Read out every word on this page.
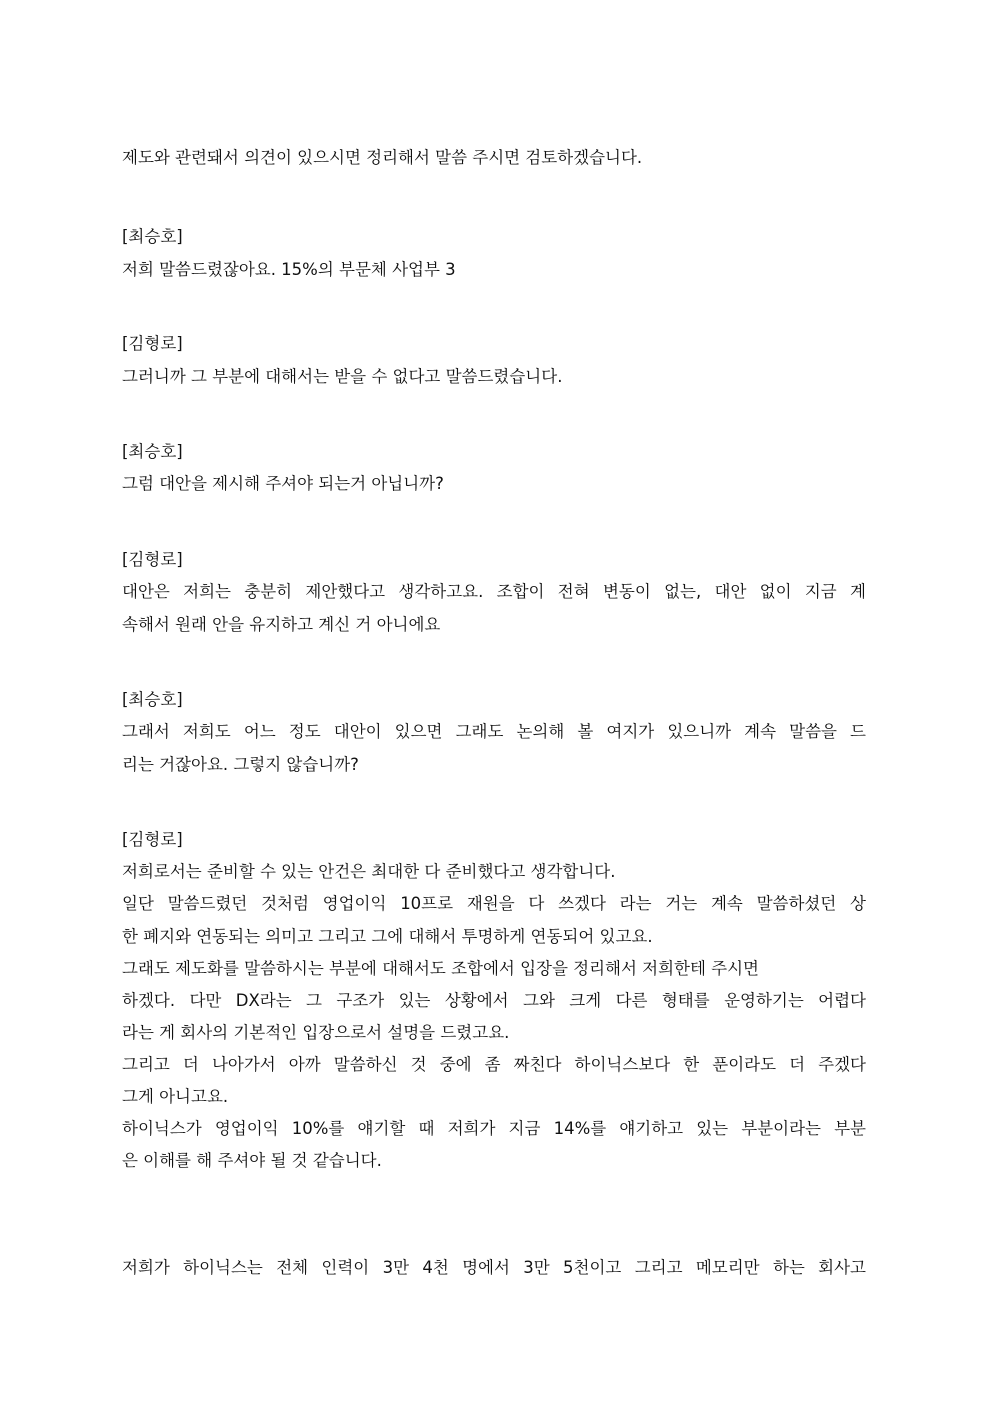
제도와 관련돼서 의견이 있으시면 정리해서 말씀 주시면 검토하겠습니다.
[최승호]
저희 말씀드렸잖아요. 15%의 부문체 사업부 3
[김형로]
그러니까 그 부분에 대해서는 받을 수 없다고 말씀드렸습니다.
[최승호]
그럼 대안을 제시해 주셔야 되는거 아닙니까?
[김형로]
대안은 저희는 충분히 제안했다고 생각하고요. 조합이 전혀 변동이 없는, 대안 없이 지금 계
속해서 원래 안을 유지하고 계신 거 아니에요
[최승호]
그래서 저희도 어느 정도 대안이 있으면 그래도 논의해 볼 여지가 있으니까 계속 말씀을 드
리는 거잖아요. 그렇지 않습니까?
[김형로]
저희로서는 준비할 수 있는 안건은 최대한 다 준비했다고 생각합니다.
일단 말씀드렸던 것처럼 영업이익 10프로 재원을 다 쓰겠다 라는 거는 계속 말씀하셨던 상
한 폐지와 연동되는 의미고 그리고 그에 대해서 투명하게 연동되어 있고요.
그래도 제도화를 말씀하시는 부분에 대해서도 조합에서 입장을 정리해서 저희한테 주시면
하겠다. 다만 DX라는 그 구조가 있는 상황에서 그와 크게 다른 형태를 운영하기는 어렵다
라는 게 회사의 기본적인 입장으로서 설명을 드렸고요.
그리고 더 나아가서 아까 말씀하신 것 중에 좀 짜친다 하이닉스보다 한 푼이라도 더 주겠다
그게 아니고요.
하이닉스가 영업이익 10%를 얘기할 때 저희가 지금 14%를 얘기하고 있는 부분이라는 부분
은 이해를 해 주셔야 될 것 같습니다.
저희가 하이닉스는 전체 인력이 3만 4천 명에서 3만 5천이고 그리고 메모리만 하는 회사고
